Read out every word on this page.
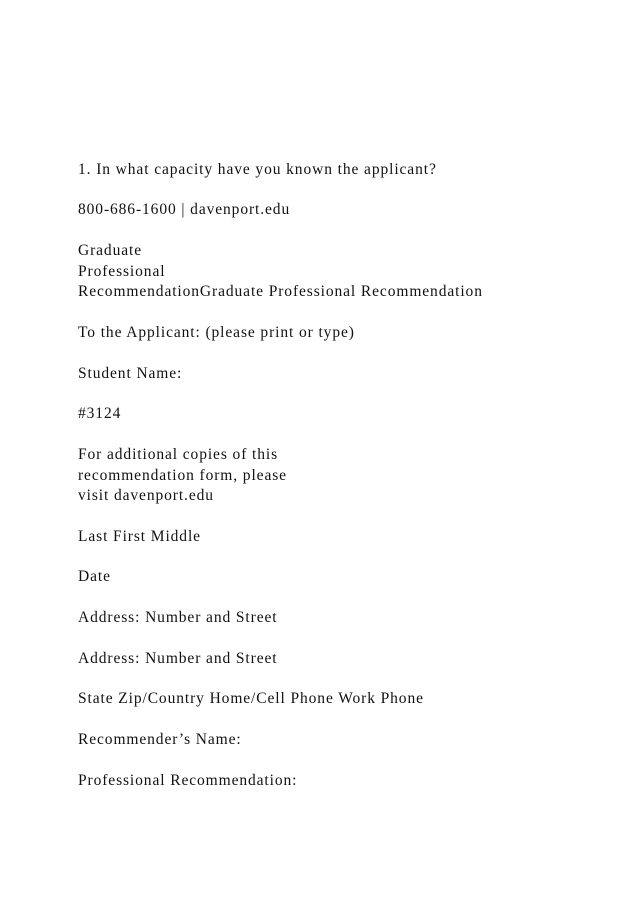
1. In what capacity have you known the applicant?

800-686-1600 | davenport.edu

Graduate

Professional

RecommendationGraduate Professional Recommendation

To the Applicant: (please print or type)

Student Name:

#3124

For additional copies of this

recommendation form, please

visit davenport.edu

Last First Middle

Date

Address: Number and Street

Address: Number and Street

State Zip/Country Home/Cell Phone Work Phone

Recommender’s Name:

Professional Recommendation:
